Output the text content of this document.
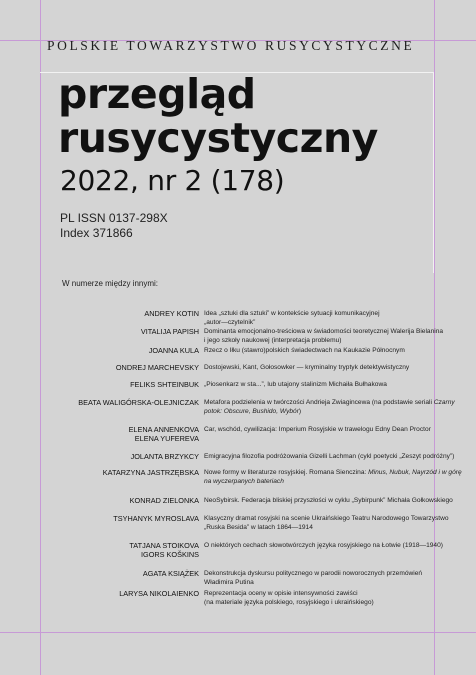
POLSKIE TOWARZYSTWO RUSYCYSTYCZNE
przegląd
rusycystyczny
2022, nr 2 (178)
PL ISSN 0137-298X
Index 371866
W numerze między innymi:
ANDREY KOTIN Idea „sztuki dla sztuki” w kontekście sytuacji komunikacyjnej
„autor—czytelnik”
VITALIJA PAPISH Dominanta emocjonalno-treściowa w świadomości teoretycznej Walerija Bielanina
i jego szkoły naukowej (interpretacja problemu)
JOANNA KULA Rzecz o Iłku (stawro)polskich świadectwach na Kaukazie Północnym
ONDREJ MARCHEVSKY Dostojewski, Kant, Gołosowker — kryminalny tryptyk detektywistyczny
FELIKS SHTEINBUK „Piosenkarz w sta...”, lub utajony stalinizm Michaiła Bułhakowa
BEATA WALIGÓRSKA-OLEJNICZAK Metafora podzielenia w twórczości Andrieja Zwiagincewa (na podstawie seriali Czarny
potok: Obscure, Bushido, Wybór)
ELENA ANNENKOVA
ELENA YUFEREVA
Car, wschód, cywilizacja: Imperium Rosyjskie w trawelogu Edny Dean Proctor
JOLANTA BRZYKCY Emigracyjna filozofia podróżowania Gizelli Lachman (cykl poetycki „Zeszyt podróżny”)
KATARZYNA JASTRZĘBSKA Nowe formy w literaturze rosyjskiej. Romana Sienczina: Minus, Nubuk, Nayrzód i w górę
na wyczerpanych bateriach
KONRAD ZIELONKA NeoSybirsk. Federacja bliskiej przyszłości w cyklu „Sybirpunk” Michała Gołkowskiego
TSYHANYK MYROSLAVA Klasyczny dramat rosyjski na scenie Ukraińskiego Teatru Narodowego Towarzystwo
„Ruska Besida” w latach 1864—1914
TATJANA STOIKOVA
IGORS KOŠKINS
O niektórych cechach słowotwórczych języka rosyjskiego na Łotwie (1918—1940)
AGATA KSIĄŻEK Dekonstrukcja dyskursu politycznego w parodii noworocznych przemówień
Władimira Putina
LARYSA NIKOLAIENKO Reprezentacja oceny w opisie intensywności zawiści
(na materiale języka polskiego, rosyjskiego i ukraińskiego)
